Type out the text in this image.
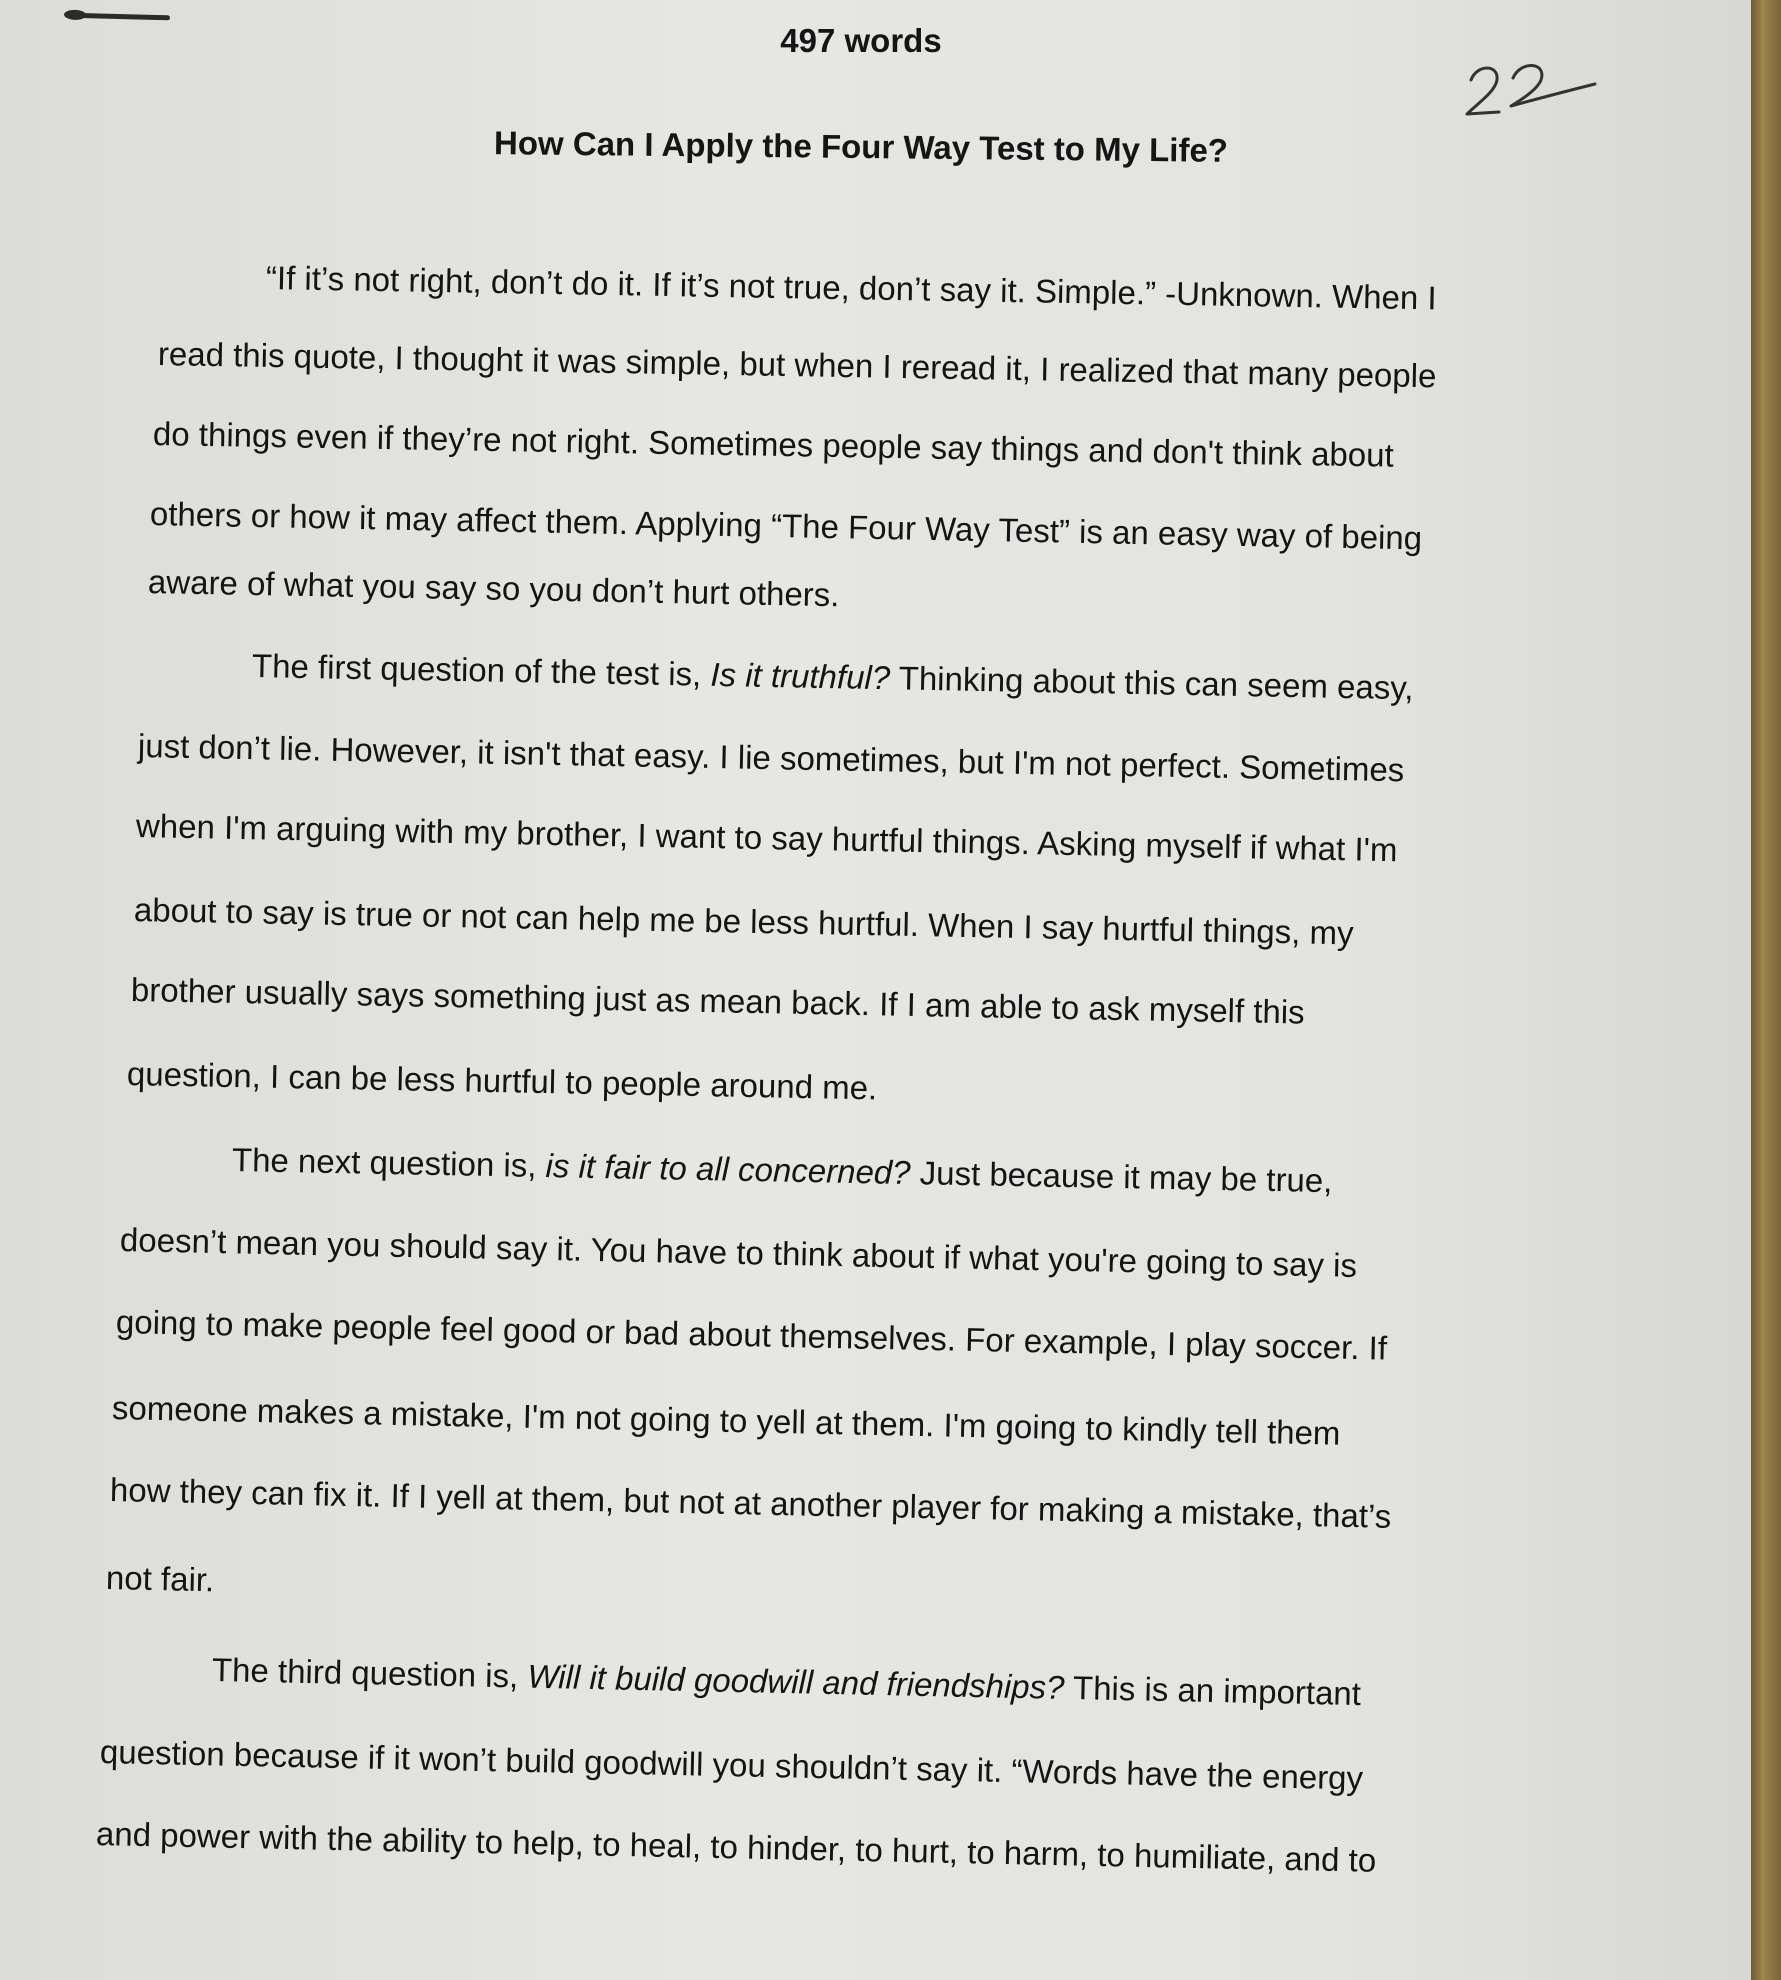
497 words
How Can I Apply the Four Way Test to My Life?

“If it’s not right, don’t do it. If it’s not true, don’t say it. Simple.” -Unknown. When I

read this quote, I thought it was simple, but when I reread it, I realized that many people

do things even if they’re not right. Sometimes people say things and don't think about

others or how it may affect them. Applying “The Four Way Test” is an easy way of being

aware of what you say so you don’t hurt others.

The first question of the test is, Is it truthful? Thinking about this can seem easy,

just don’t lie. However, it isn't that easy. I lie sometimes, but I'm not perfect. Sometimes

when I'm arguing with my brother, I want to say hurtful things. Asking myself if what I'm

about to say is true or not can help me be less hurtful. When I say hurtful things, my

brother usually says something just as mean back. If I am able to ask myself this

question, I can be less hurtful to people around me.

The next question is, is it fair to all concerned? Just because it may be true,

doesn’t mean you should say it. You have to think about if what you're going to say is

going to make people feel good or bad about themselves. For example, I play soccer. If

someone makes a mistake, I'm not going to yell at them. I'm going to kindly tell them

how they can fix it. If I yell at them, but not at another player for making a mistake, that’s

not fair.

The third question is, Will it build goodwill and friendships? This is an important

question because if it won’t build goodwill you shouldn’t say it. “Words have the energy

and power with the ability to help, to heal, to hinder, to hurt, to harm, to humiliate, and to
